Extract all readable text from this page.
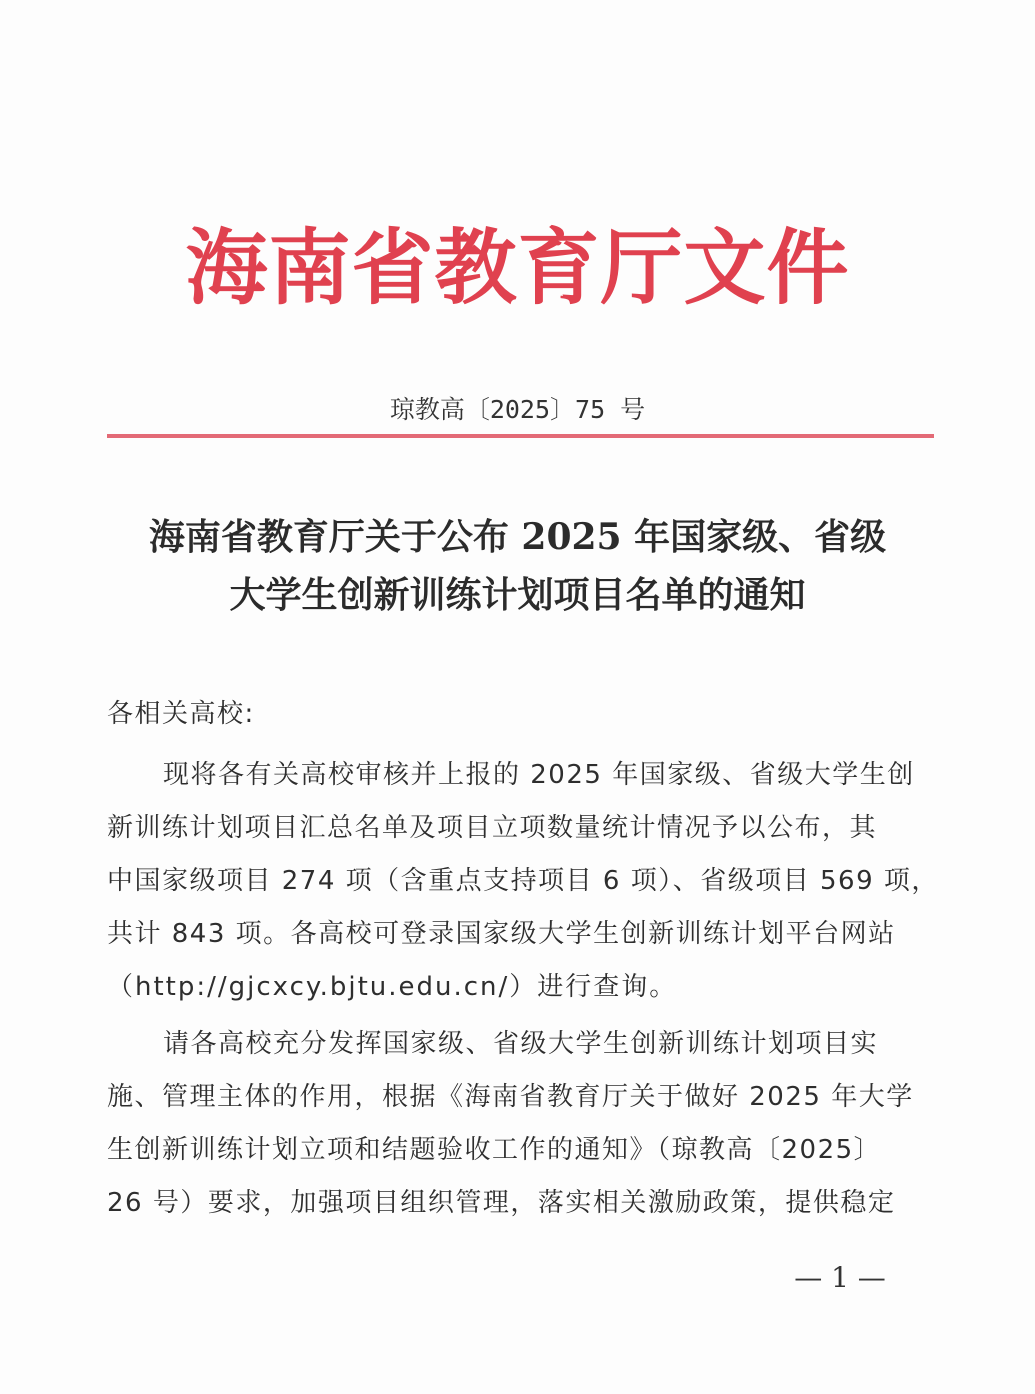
海南省教育厅文件
琼教高〔2025〕75 号
海南省教育厅关于公布 2025 年国家级、省级
大学生创新训练计划项目名单的通知
各相关高校:
现将各有关高校审核并上报的 2025 年国家级、省级大学生创
新训练计划项目汇总名单及项目立项数量统计情况予以公布，其
中国家级项目 274 项（含重点支持项目 6 项）、省级项目 569 项，
共计 843 项。各高校可登录国家级大学生创新训练计划平台网站
（http://gjcxcy.bjtu.edu.cn/）进行查询。
请各高校充分发挥国家级、省级大学生创新训练计划项目实
施、管理主体的作用，根据《海南省教育厅关于做好 2025 年大学
生创新训练计划立项和结题验收工作的通知》（琼教高〔2025〕
26 号）要求，加强项目组织管理，落实相关激励政策，提供稳定
— 1 —
